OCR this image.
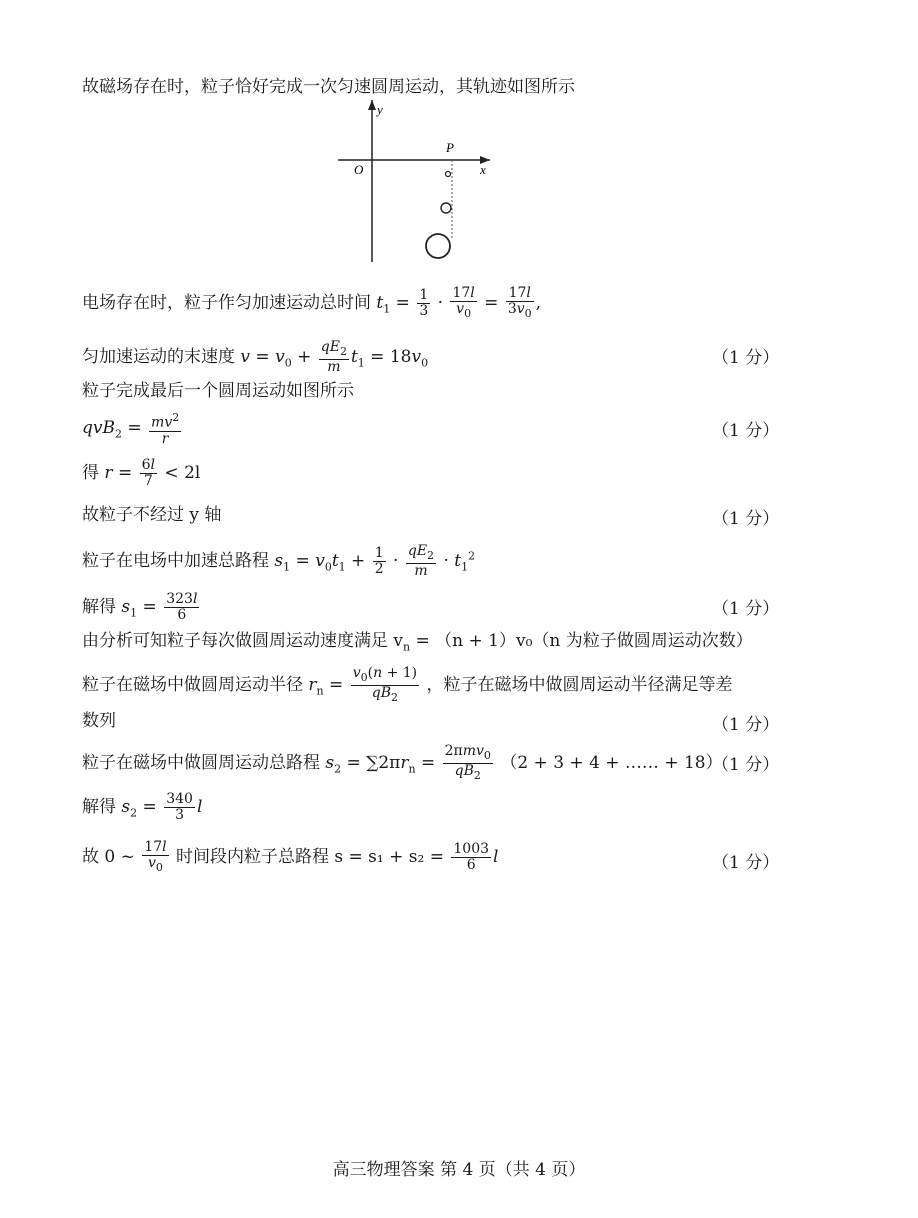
故磁场存在时，粒子恰好完成一次匀速圆周运动，其轨迹如图所示
y
x
O
P
电场存在时，粒子作匀加速运动总时间 $t_1 = \frac{1}{3} \cdot \frac{17l}{v_0} = \frac{17l}{3v_0}$ ,
匀加速运动的末速度 $v = v_0 + \frac{qE_2}{m} t_1 = 18v_0$	（1 分）
粒子完成最后一个圆周运动如图所示
$qvB_2 = \frac{mv^2}{r}$	（1 分）
得 $r = \frac{6l}{7} < 2l$
故粒子不经过 y 轴	（1 分）
粒子在电场中加速总路程 $s_1 = v_0t_1 + \frac{1}{2} \cdot \frac{qE_2}{m} \cdot t_1^2$
解得 $s_1 = \frac{323l}{6}$	（1 分）
由分析可知粒子每次做圆周运动速度满足 $v_n = (n + 1)v_0(n$ 为粒子做圆周运动次数）
粒子在磁场中做圆周运动半径 $r_n = \frac{v_0(n + 1)}{qB_2}$ ，粒子在磁场中做圆周运动半径满足等差
数列	（1 分）
粒子在磁场中做圆周运动总路程 $s_2 = \sum 2\pi r_n = \frac{2\pi mv_0}{qB_2} (2 + 3 + 4$ + …… + 18）
（1 分）
解得 $s_2 = \frac{340}{3}$ l
故 0 ~ $\frac{17l}{v_0}$ 时间段内粒子总路程 $s = s_1 + s_2 = \frac{1003}{6}$ l	（1 分）
高三物理答案 第 4 页（共 4 页）
